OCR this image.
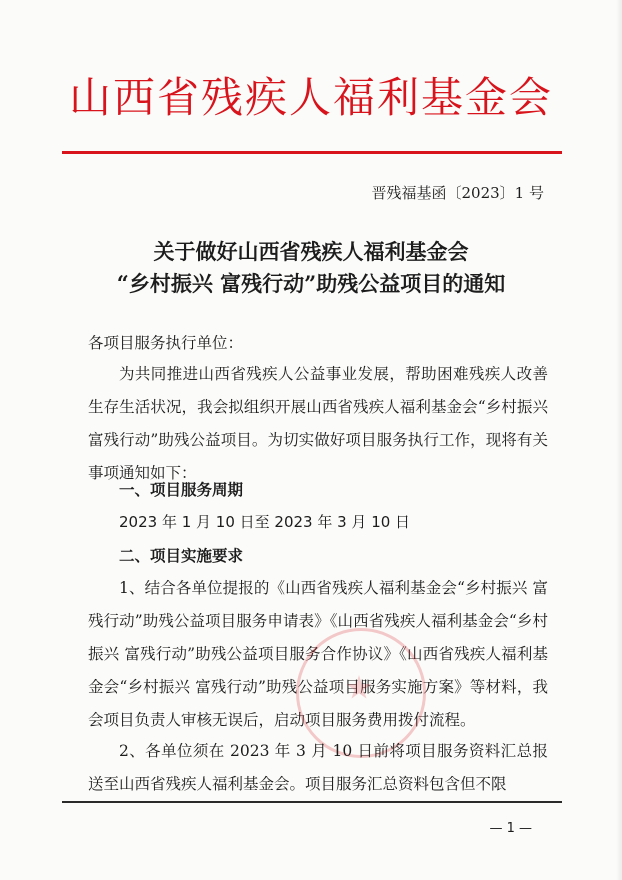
山西省残疾人福利基金会
晋残福基函〔2023〕1 号
关于做好山西省残疾人福利基金会
“乡村振兴 富残行动”助残公益项目的通知
各项目服务执行单位：
为共同推进山西省残疾人公益事业发展，帮助困难残疾人改善生存生活状况，我会拟组织开展山西省残疾人福利基金会“乡村振兴 富残行动”助残公益项目。为切实做好项目服务执行工作，现将有关事项通知如下：
一、项目服务周期
2023 年 1 月 10 日至 2023 年 3 月 10 日
二、项目实施要求
1、结合各单位提报的《山西省残疾人福利基金会“乡村振兴 富残行动”助残公益项目服务申请表》《山西省残疾人福利基金会“乡村振兴 富残行动”助残公益项目服务合作协议》《山西省残疾人福利基金会“乡村振兴 富残行动”助残公益项目服务实施方案》等材料，我会项目负责人审核无误后，启动项目服务费用拨付流程。
2、各单位须在 2023 年 3 月 10 日前将项目服务资料汇总报送至山西省残疾人福利基金会。项目服务汇总资料包含但不限
— 1 —
